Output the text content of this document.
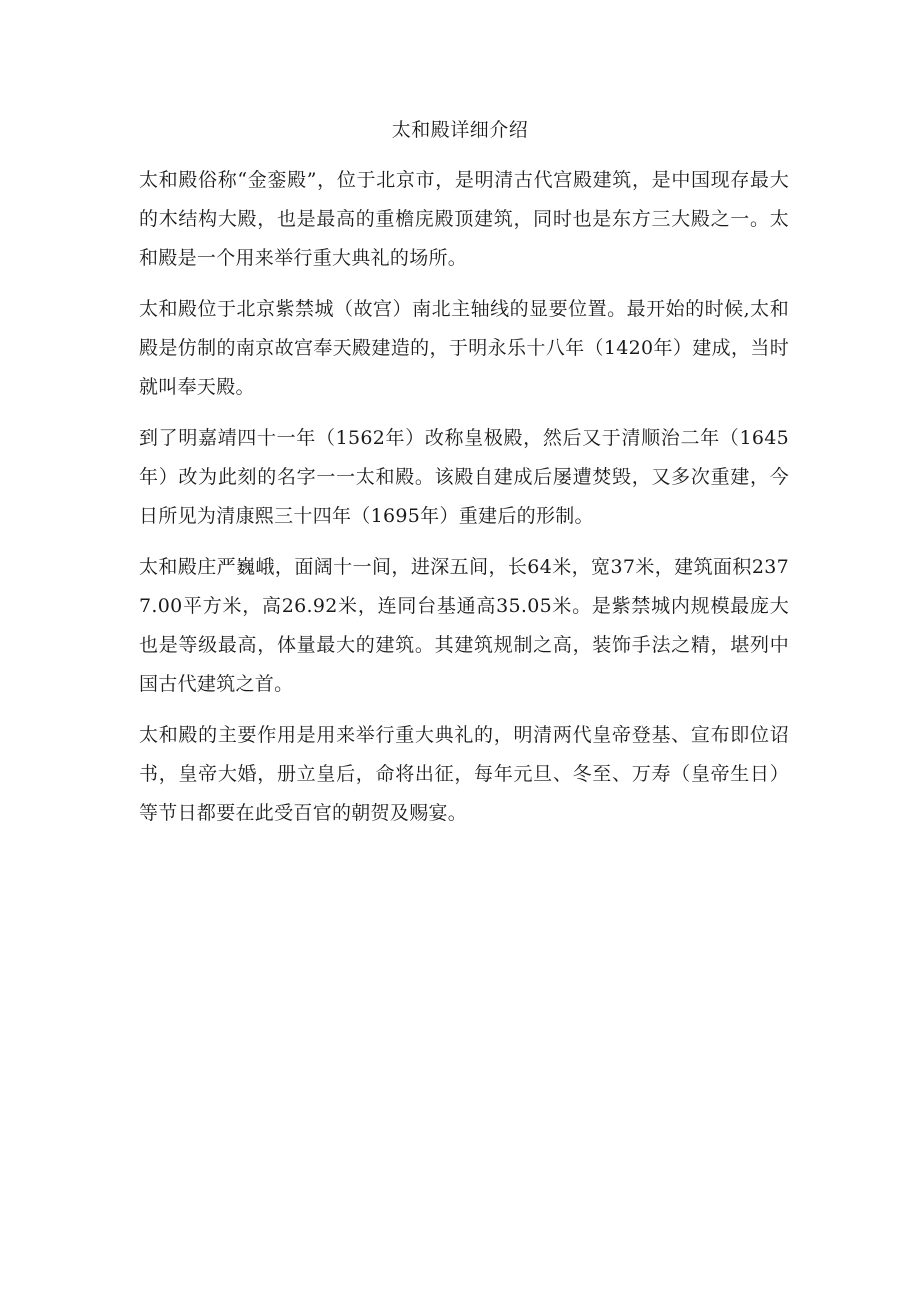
太和殿详细介绍

太和殿俗称“金銮殿”，位于北京市，是明清古代宫殿建筑，是中国现存最大的木结构大殿，也是最高的重檐庑殿顶建筑，同时也是东方三大殿之一。太和殿是一个用来举行重大典礼的场所。

太和殿位于北京紫禁城（故宫）南北主轴线的显要位置。最开始的时候,太和殿是仿制的南京故宫奉天殿建造的，于明永乐十八年（1420年）建成，当时就叫奉天殿。

到了明嘉靖四十一年（1562年）改称皇极殿，然后又于清顺治二年（1645年）改为此刻的名字一一太和殿。该殿自建成后屡遭焚毁，又多次重建，今日所见为清康熙三十四年（1695年）重建后的形制。

太和殿庄严巍峨，面阔十一间，进深五间，长64米，宽37米，建筑面积2377.00平方米，高26.92米，连同台基通高35.05米。是紫禁城内规模最庞大也是等级最高，体量最大的建筑。其建筑规制之高，装饰手法之精，堪列中国古代建筑之首。

太和殿的主要作用是用来举行重大典礼的，明清两代皇帝登基、宣布即位诏书，皇帝大婚，册立皇后，命将出征，每年元旦、冬至、万寿（皇帝生日）等节日都要在此受百官的朝贺及赐宴。
